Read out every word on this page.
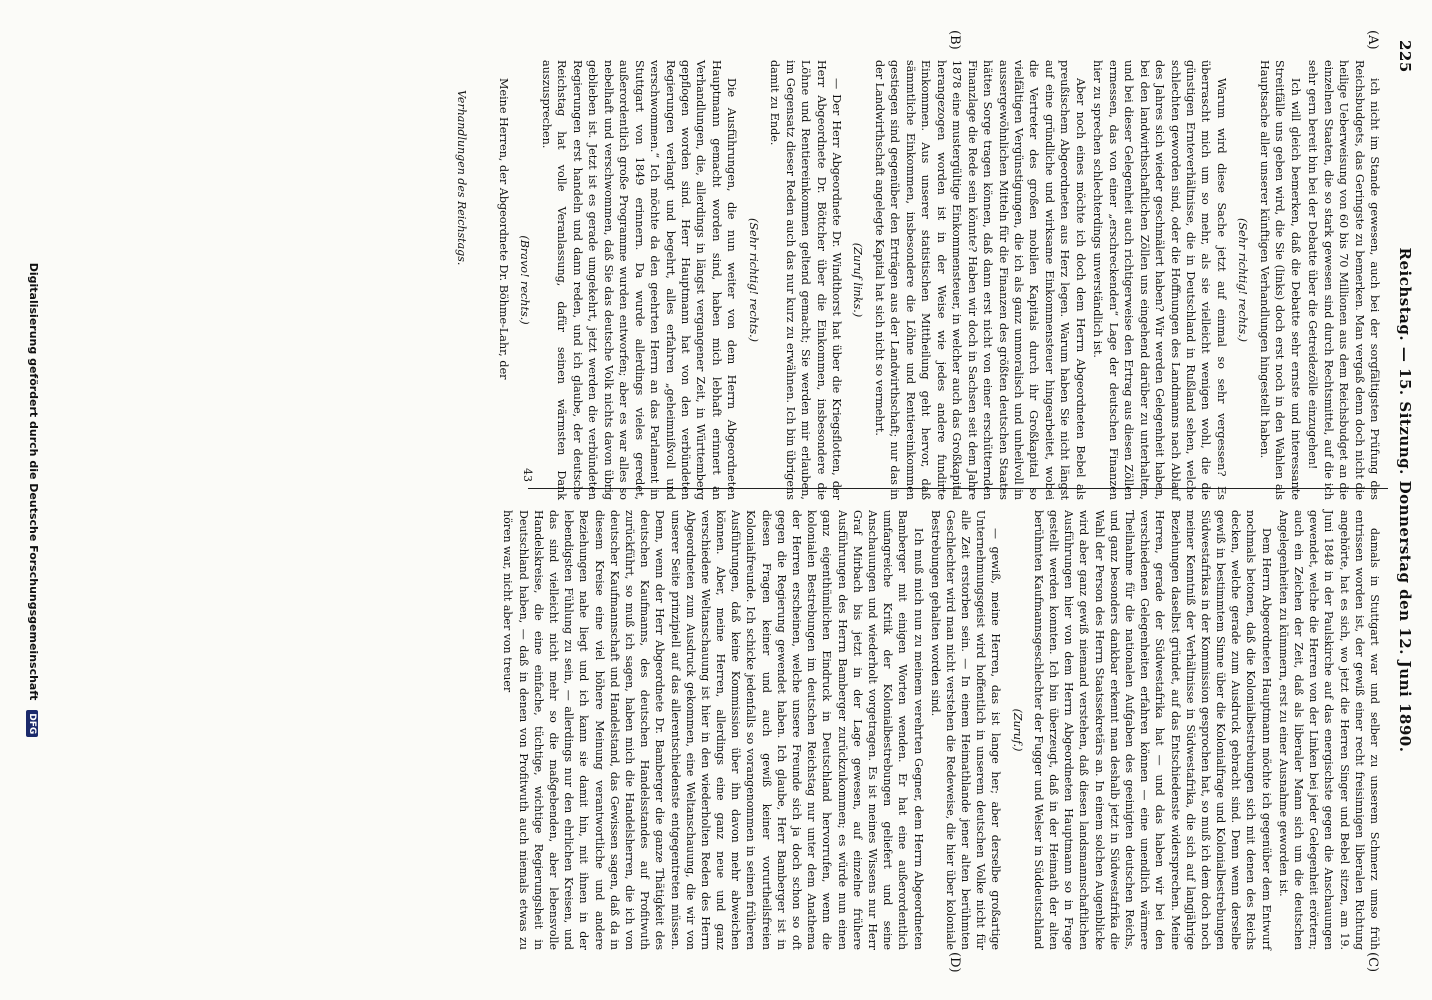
225
Reichstag. — 15. Sitzung. Donnerstag den 12. Juni 1890.
(A)
(B)
(C)
(D)

ich nicht im Stande gewesen, auch bei der sorgfältigsten Prüfung des Reichsbudgets, das Geringste zu bemerken. Man vergaß denn doch nicht die heilige Ueberweisung von 60 bis 70 Millionen aus dem Reichsbudget an die einzelnen Staaten, die so stark gewesen sind durch Rechtsmittel, auf die ich sehr gern bereit bin bei der Debatte über die Getreidezölle einzugehen!

Ich will gleich bemerken, daß die Debatte sehr ernste und interessante Streitfälle uns geben wird, die Sie (links) doch erst noch in den Wahlen als Hauptsache aller unserer künftigen Verhandlungen hingestellt haben.

(Sehr richtig! rechts.)

Warum wird diese Sache jetzt auf einmal so sehr vergessen? Es überrascht mich um so mehr, als sie vielleicht wenigen wohl, die die günstigen Ernteverhältnisse, die in Deutschland in Rußland sehen, welche schlechten geworden sind, oder die Hoffnungen des Landmanns nach Ablauf des Jahres sich wieder geschmälert haben? Wir werden Gelegenheit haben, bei den landwirthschaftlichen Zöllen uns eingehend darüber zu unterhalten, und bei dieser Gelegenheit auch richtigerweise den Ertrag aus diesen Zöllen ermessen, das von einer „erschreckenden“ Lage der deutschen Finanzen hier zu sprechen schlechterdings unverständlich ist.

Aber noch eines möchte ich doch dem Herrn Abgeordneten Bebel als preußischem Abgeordneten aus Herz legen. Warum haben Sie nicht längst auf eine gründliche und wirksame Einkommensteuer hingearbeitet, wobei die Vertreter des großen mobilen Kapitals durch ihr Großkapital so vielfältigen Vergünstigungen, die ich als ganz unmoralisch und unheilvoll in aussergewöhnlichen Mitteln für die Finanzen des größten deutschen Staates hätten Sorge tragen können, daß dann erst nicht von einer erschütternden Finanzlage die Rede sein könnte? Haben wir doch in Sachsen seit dem Jahre 1878 eine mustergültige Einkommensteuer, in welcher auch das Großkapital herangezogen worden ist in der Weise wie jedes andere fundirte Einkommen. Aus unserer statistischen Mittheilung geht hervor, daß sämmtliche Einkommen, insbesondere die Löhne und Rentiereinkommen gestiegen sind gegenüber den Erträgen aus der Landwirthschaft; nur das in der Landwirthschaft angelegte Kapital hat sich nicht so vermehrt.

(Zuruf links.)

— Der Herr Abgeordnete Dr. Windthorst hat über die Kriegsflotten, der Herr Abgeordnete Dr. Böttcher über die Einkommen, insbesondere die Löhne und Rentiereinkommen geltend gemacht; Sie werden mir erlauben, im Gegensatz dieser Reden auch das nur kurz zu erwähnen. Ich bin übrigens damit zu Ende.

(Sehr richtig! rechts.)

Die Ausführungen, die nun weiter von dem Herrn Abgeordneten Hauptmann gemacht worden sind, haben mich lebhaft erinnert an Verhandlungen, die, allerdings in längst vergangener Zeit, in Württemberg gepflogen worden sind. Herr Hauptmann hat von den verbündeten Regierungen verlangt und begehrt, alles erfahren „geheimnißvoll und verschwommen.“ Ich möchte da den geehrten Herrn an das Parlament in Stuttgart von 1849 erinnern. Da wurde allerdings vieles geredet, außerordentlich große Programme wurden entworfen; aber es war alles so nebelhaft und verschwommen, daß Sie das deutsche Volk nichts davon übrig geblieben ist. Jetzt ist es gerade umgekehrt, jetzt werden die verbündeten Regierungen erst handeln und dann reden, und ich glaube, der deutsche Reichstag hat volle Veranlassung, dafür seinen wärmsten Dank auszusprechen.

(Bravo! rechts.)

Meine Herren, der Abgeordnete Dr. Böhme-Lahr, der

damals in Stuttgart war und selber zu unserem Schmerz umso früh entrissen worden ist, der gewiß einer recht freisinnigen liberalen Richtung angehörte, hat es sich, wo jetzt die Herren Singer und Bebel sitzen, am 19. Juni 1848 in der Paulskirche auf das energischste gegen die Anschauungen gewendet, welche die Herren von der Linken bei jeder Gelegenheit erörtern; auch ein Zeichen der Zeit, daß als liberaler Mann sich um die deutschen Angelegenheiten zu kümmern, erst zu einer Ausnahme geworden ist.

Dem Herrn Abgeordneten Hauptmann möchte ich gegenüber dem Entwurf nochmals betonen, daß die Kolonialbestrebungen sich mit denen des Reichs decken, welche gerade zum Ausdruck gebracht sind. Denn wenn derselbe gewiß in bestimmtem Sinne über die Kolonialfrage und Kolonialbestrebungen Südwestafrikas in der Kommission gesprochen hat, so muß ich dem doch noch meiner Kenntniß der Verhältnisse in Südwestafrika, die sich auf langjährige Beziehungen daselbst gründet, auf das Entschiedenste widersprechen. Meine Herren, gerade der Südwestafrika hat — und das haben wir bei den verschiedenen Gelegenheiten erfahren können — eine unendlich wärmere Theilnahme für die nationalen Aufgaben des geeinigten deutschen Reichs, und ganz besonders dankbar erkennt man deshalb jetzt in Südwestafrika die Wahl der Person des Herrn Staatssekretärs an. In einem solchen Augenblicke wird aber ganz gewiß niemand verstehen, daß diesen landsmannschaftlichen Ausführungen hier von dem Herrn Abgeordneten Hauptmann so in Frage gestellt werden konnten. Ich bin überzeugt, daß in der Heimath der alten berühmten Kaufmannsgeschlechter der Fugger und Welser in Süddeutschland

(Zuruf.)

— gewiß, meine Herren, das ist lange her; aber derselbe großartige Unternehmungsgeist wird hoffentlich in unserem deutschen Volke nicht für alle Zeit erstorben sein. — In einem Heimathlande jener alten berühmten Geschlechter wird man nicht verstehen die Redeweise, die hier über koloniale Bestrebungen gehalten worden sind.

Ich muß mich nun zu meinem verehrten Gegner, dem Herrn Abgeordneten Bamberger mit einigen Worten wenden. Er hat eine außerordentlich umfangreiche Kritik der Kolonialbestrebungen geliefert und seine Anschauungen und wiederholt vorgetragen. Es ist meines Wissens nur Herr Graf Mirbach bis jetzt in der Lage gewesen, auf einzelne frühere Ausführungen des Herrn Bamberger zurückzukommen; es würde nun einen ganz eigenthümlichen Eindruck in Deutschland hervorrufen, wenn die kolonialen Bestrebungen im deutschen Reichstag nur unter dem Anathema der Herren erscheinen, welche unsere Freunde sich ja doch schon so oft gegen die Regierung gewendet haben. Ich glaube, Herr Bamberger ist in diesen Fragen keiner und auch gewiß keiner vorurtheilsfreien Kolonialfreunde. Ich schicke jedenfalls so vorangenommen in seinen früheren Ausführungen, daß keine Kommission über ihn davon mehr abweichen können. Aber, meine Herren, allerdings eine ganz neue und ganz verschiedene Weltanschauung ist hier in den wiederholten Reden des Herrn Abgeordneten zum Ausdruck gekommen, eine Weltanschauung, die wir von unserer Seite prinzipiell auf das allerentschiedenste entgegentreten müssen. Denn, wenn der Herr Abgeordnete Dr. Bamberger die ganze Thätigkeit des deutschen Kaufmanns, des deutschen Handelsstandes auf Profitwuth zurückführt, so muß ich sagen, haben mich die Handelsherren, die ich von deutscher Kaufmannschaft und Handelstand, das Gewissen sagen, daß da in diesem Kreise eine viel höhere Meinung verantwortliche und andere Beziehungen nahe liegt und ich kann sie damit hin, mit ihnen in der lebendigsten Fühlung zu sein, — allerdings nur den ehrlichen Kreisen, und das sind vielleicht nicht mehr so die maßgebenden, aber lebensvolle Handelskreise, die eine einfache, tüchtige, wichtige Regierungsheit in Deutschland haben, — daß in denen von Profitwuth auch niemals etwas zu hören war, nicht aber von treuer

43
Verhandlungen des Reichstags.
Digitalisierung gefördert durch die Deutsche Forschungsgemeinschaft DFG
